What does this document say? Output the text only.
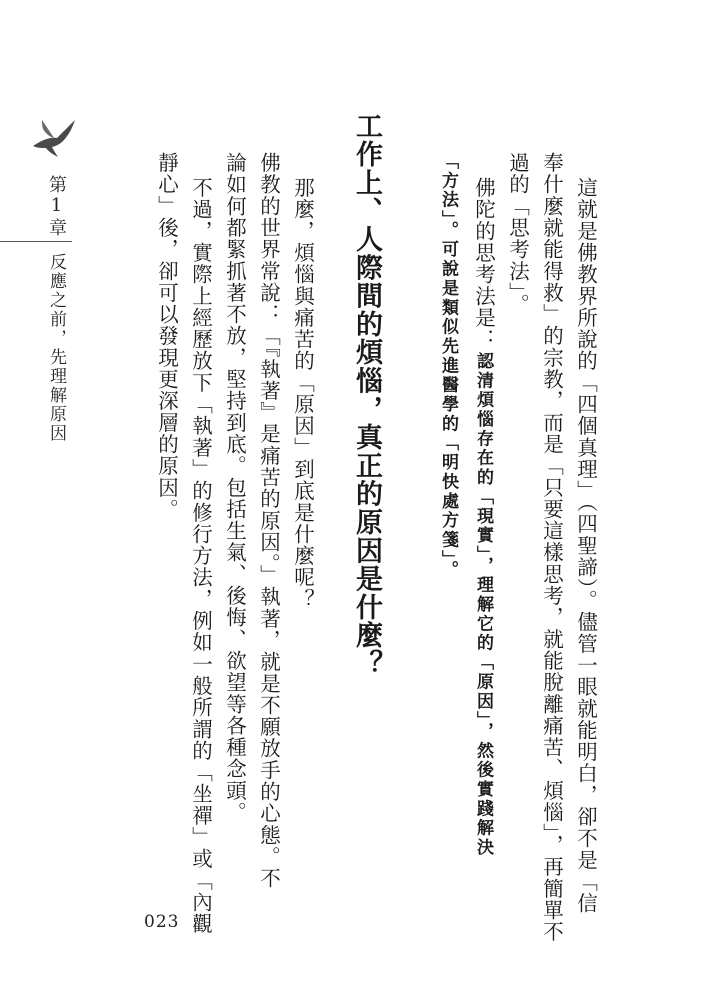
這就是佛教界所說的「四個真理」（四聖諦）。儘管一眼就能明白，卻不是「信
奉什麼就能得救」的宗教，而是「只要這樣思考，就能脫離痛苦、煩惱」，再簡單不
過的「思考法」。
佛陀的思考法是：
認清煩惱存在的「現實」，理解它的「原因」，然後實踐解決
「方法」。可說是類似先進醫學的「明快處方箋」。
工作上、人際間的煩惱，真正的原因是什麼？
那麼，煩惱與痛苦的「原因」到底是什麼呢？
佛教的世界常說：「『執著』是痛苦的原因。」執著，就是不願放手的心態。不
論如何都緊抓著不放，堅持到底。包括生氣、後悔、欲望等各種念頭。
不過，實際上經歷放下「執著」的修行方法，例如一般所謂的「坐禪」或「內觀
靜心」後，卻可以發現更深層的原因。
第1章
反應之前，先理解原因
023
